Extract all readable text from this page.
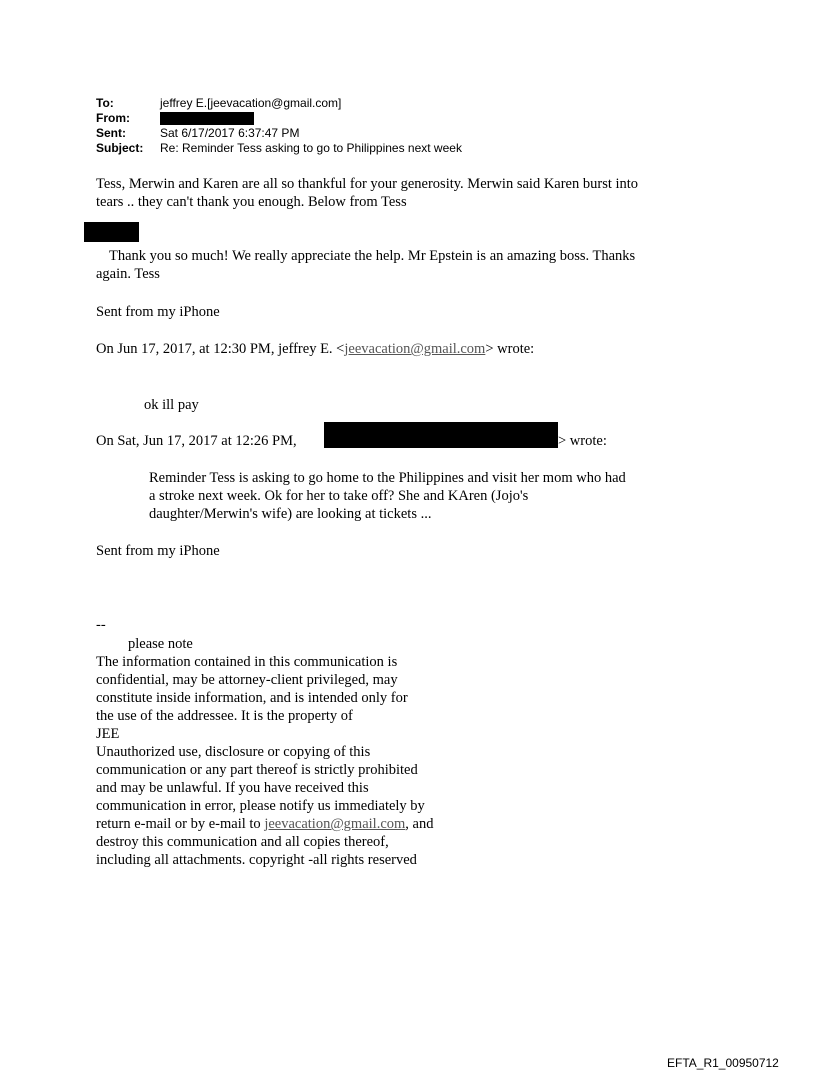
To:	jeffrey E.[jeevacation@gmail.com]
From:
Sent:	Sat 6/17/2017 6:37:47 PM
Subject:	Re: Reminder Tess asking to go to Philippines next week
Tess, Merwin and Karen are all so thankful for your generosity. Merwin said Karen burst into
tears .. they can't thank you enough. Below from Tess
Thank you so much! We really appreciate the help. Mr Epstein is an amazing boss. Thanks
again. Tess
Sent from my iPhone
On Jun 17, 2017, at 12:30 PM, jeffrey E. <jeevacation@gmail.com> wrote:
ok ill pay
On Sat, Jun 17, 2017 at 12:26 PM,	> wrote:
Reminder Tess is asking to go home to the Philippines and visit her mom who had
a stroke next week. Ok for her to take off? She and KAren (Jojo's
daughter/Merwin's wife) are looking at tickets ...
Sent from my iPhone
--
please note
The information contained in this communication is
confidential, may be attorney-client privileged, may
constitute inside information, and is intended only for
the use of the addressee. It is the property of
JEE
Unauthorized use, disclosure or copying of this
communication or any part thereof is strictly prohibited
and may be unlawful. If you have received this
communication in error, please notify us immediately by
return e-mail or by e-mail to jeevacation@gmail.com, and
destroy this communication and all copies thereof,
including all attachments. copyright -all rights reserved
EFTA_R1_00950712
